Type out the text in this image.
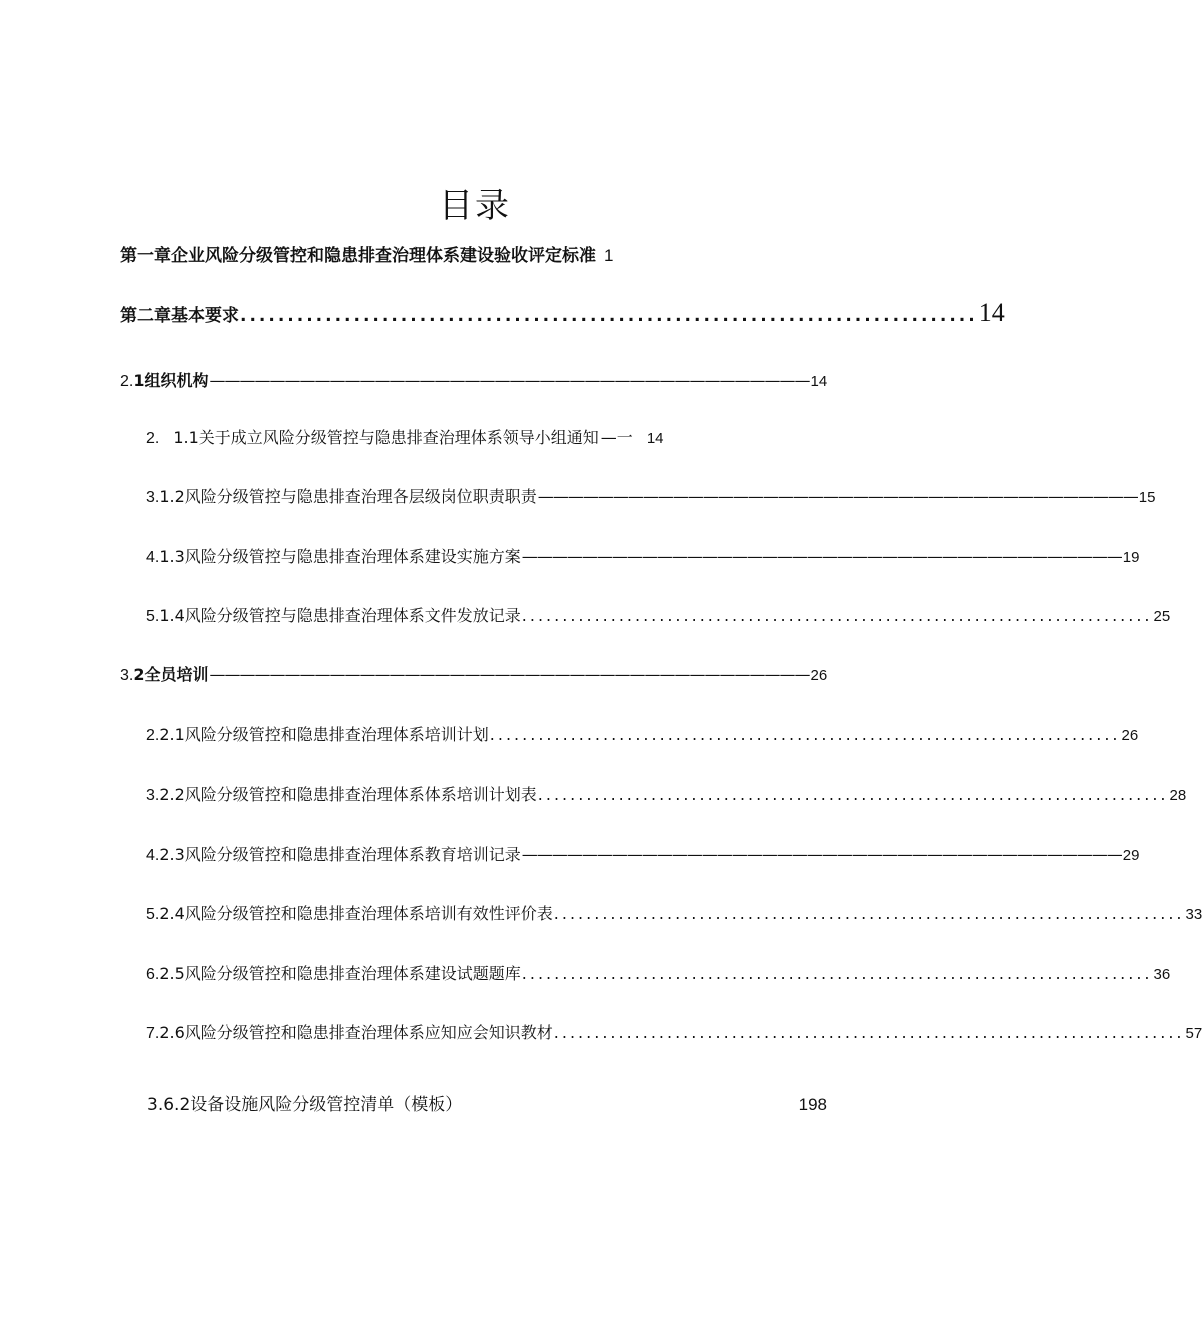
目录
第一章企业风险分级管控和隐患排查治理体系建设验收评定标准 1
第二章基本要求 .............................................................................. 14
2. 1组织机构 ———————————————————————————————————————— 14
2. 1.1关于成立风险分级管控与隐患排查治理体系领导小组通知 —一 14
3. 1.2风险分级管控与隐患排查治理各层级岗位职责职责 ———————————————————————————————————————— 15
4. 1.3风险分级管控与隐患排查治理体系建设实施方案 ———————————————————————————————————————— 19
5. 1.4风险分级管控与隐患排查治理体系文件发放记录 .............................................................................. 25
3. 2全员培训 ———————————————————————————————————————— 26
2. 2.1风险分级管控和隐患排查治理体系培训计划 .............................................................................. 26
3. 2.2风险分级管控和隐患排查治理体系体系培训计划表 .............................................................................. 28
4. 2.3风险分级管控和隐患排查治理体系教育培训记录 ———————————————————————————————————————— 29
5. 2.4风险分级管控和隐患排查治理体系培训有效性评价表 .............................................................................. 33
6. 2.5风险分级管控和隐患排查治理体系建设试题题库 .............................................................................. 36
7. 2.6风险分级管控和隐患排查治理体系应知应会知识教材 .............................................................................. 57
3.6.2设备设施风险分级管控清单（模板）	198
